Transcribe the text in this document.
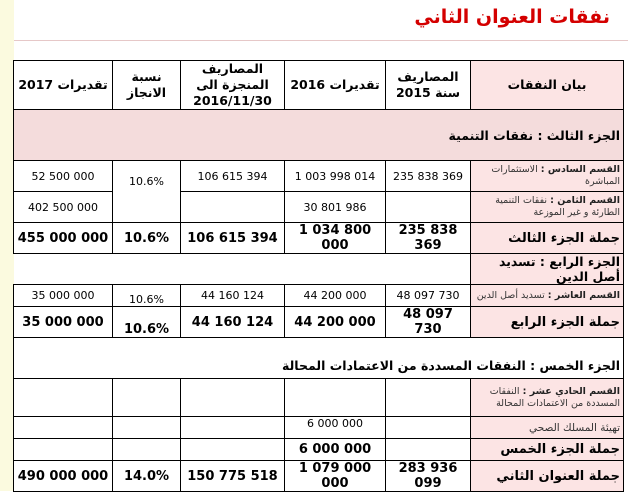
نفقات العنوان الثاني
بيان النفقات	المصاريف سنة 2015	تقديرات 2016	المصاريف المنجزة الى 2016/11/30	نسبة الانجاز	تقديرات 2017
الجزء الثالث : نفقات التنمية					
القسم السادس : الاستثمارات المباشرة	235 838 369	1 003 998 014	106 615 394	10.6%	52 500 000
القسم الثامن : نفقات التنمية الطارئة و غير الموزعة		30 801 986			402 500 000
جملة الجزء الثالث	235 838 369	1 034 800 000	106 615 394	10.6%	455 000 000
الجزء الرابع : تسديد أصل الدين					
القسم العاشر : تسديد أصل الدين	48 097 730	44 200 000	44 160 124	10.6%	35 000 000
جملة الجزء الرابع	48 097 730	44 200 000	44 160 124	10.6%	35 000 000
الجزء الخمس : النفقات المسددة من الاعتمادات المحالة					
القسم الحادي عشر : النفقات المسددة من الاعتمادات المحالة					
تهيئة المسلك الصحي		6 000 000			
جملة الجزء الخمس		6 000 000			
جملة العنوان الثاني	283 936 099	1 079 000 000	150 775 518	14.0%	490 000 000
